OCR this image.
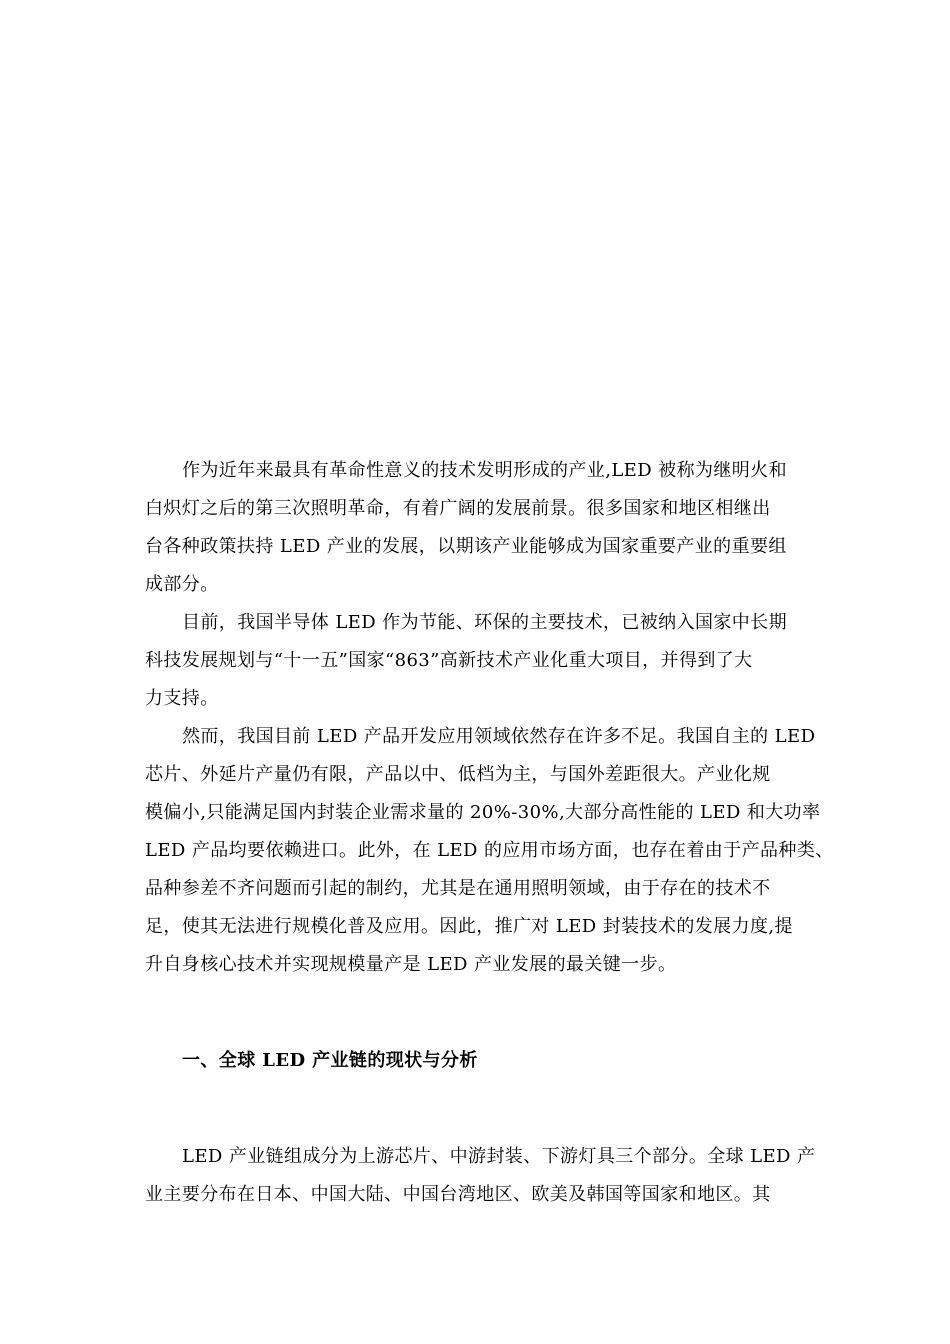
作为近年来最具有革命性意义的技术发明形成的产业,LED 被称为继明火和
白炽灯之后的第三次照明革命，有着广阔的发展前景。很多国家和地区相继出
台各种政策扶持 LED 产业的发展，以期该产业能够成为国家重要产业的重要组
成部分。
目前，我国半导体 LED 作为节能、环保的主要技术，已被纳入国家中长期
科技发展规划与“十一五”国家“863”高新技术产业化重大项目，并得到了大
力支持。
然而，我国目前 LED 产品开发应用领域依然存在许多不足。我国自主的 LED
芯片、外延片产量仍有限，产品以中、低档为主，与国外差距很大。产业化规
模偏小,只能满足国内封装企业需求量的 20%-30%,大部分高性能的 LED 和大功率
LED 产品均要依赖进口。此外，在 LED 的应用市场方面，也存在着由于产品种类、
品种参差不齐问题而引起的制约，尤其是在通用照明领域，由于存在的技术不
足，使其无法进行规模化普及应用。因此，推广对 LED 封装技术的发展力度,提
升自身核心技术并实现规模量产是 LED 产业发展的最关键一步。
一、全球 LED 产业链的现状与分析
LED 产业链组成分为上游芯片、中游封装、下游灯具三个部分。全球 LED 产
业主要分布在日本、中国大陆、中国台湾地区、欧美及韩国等国家和地区。其
